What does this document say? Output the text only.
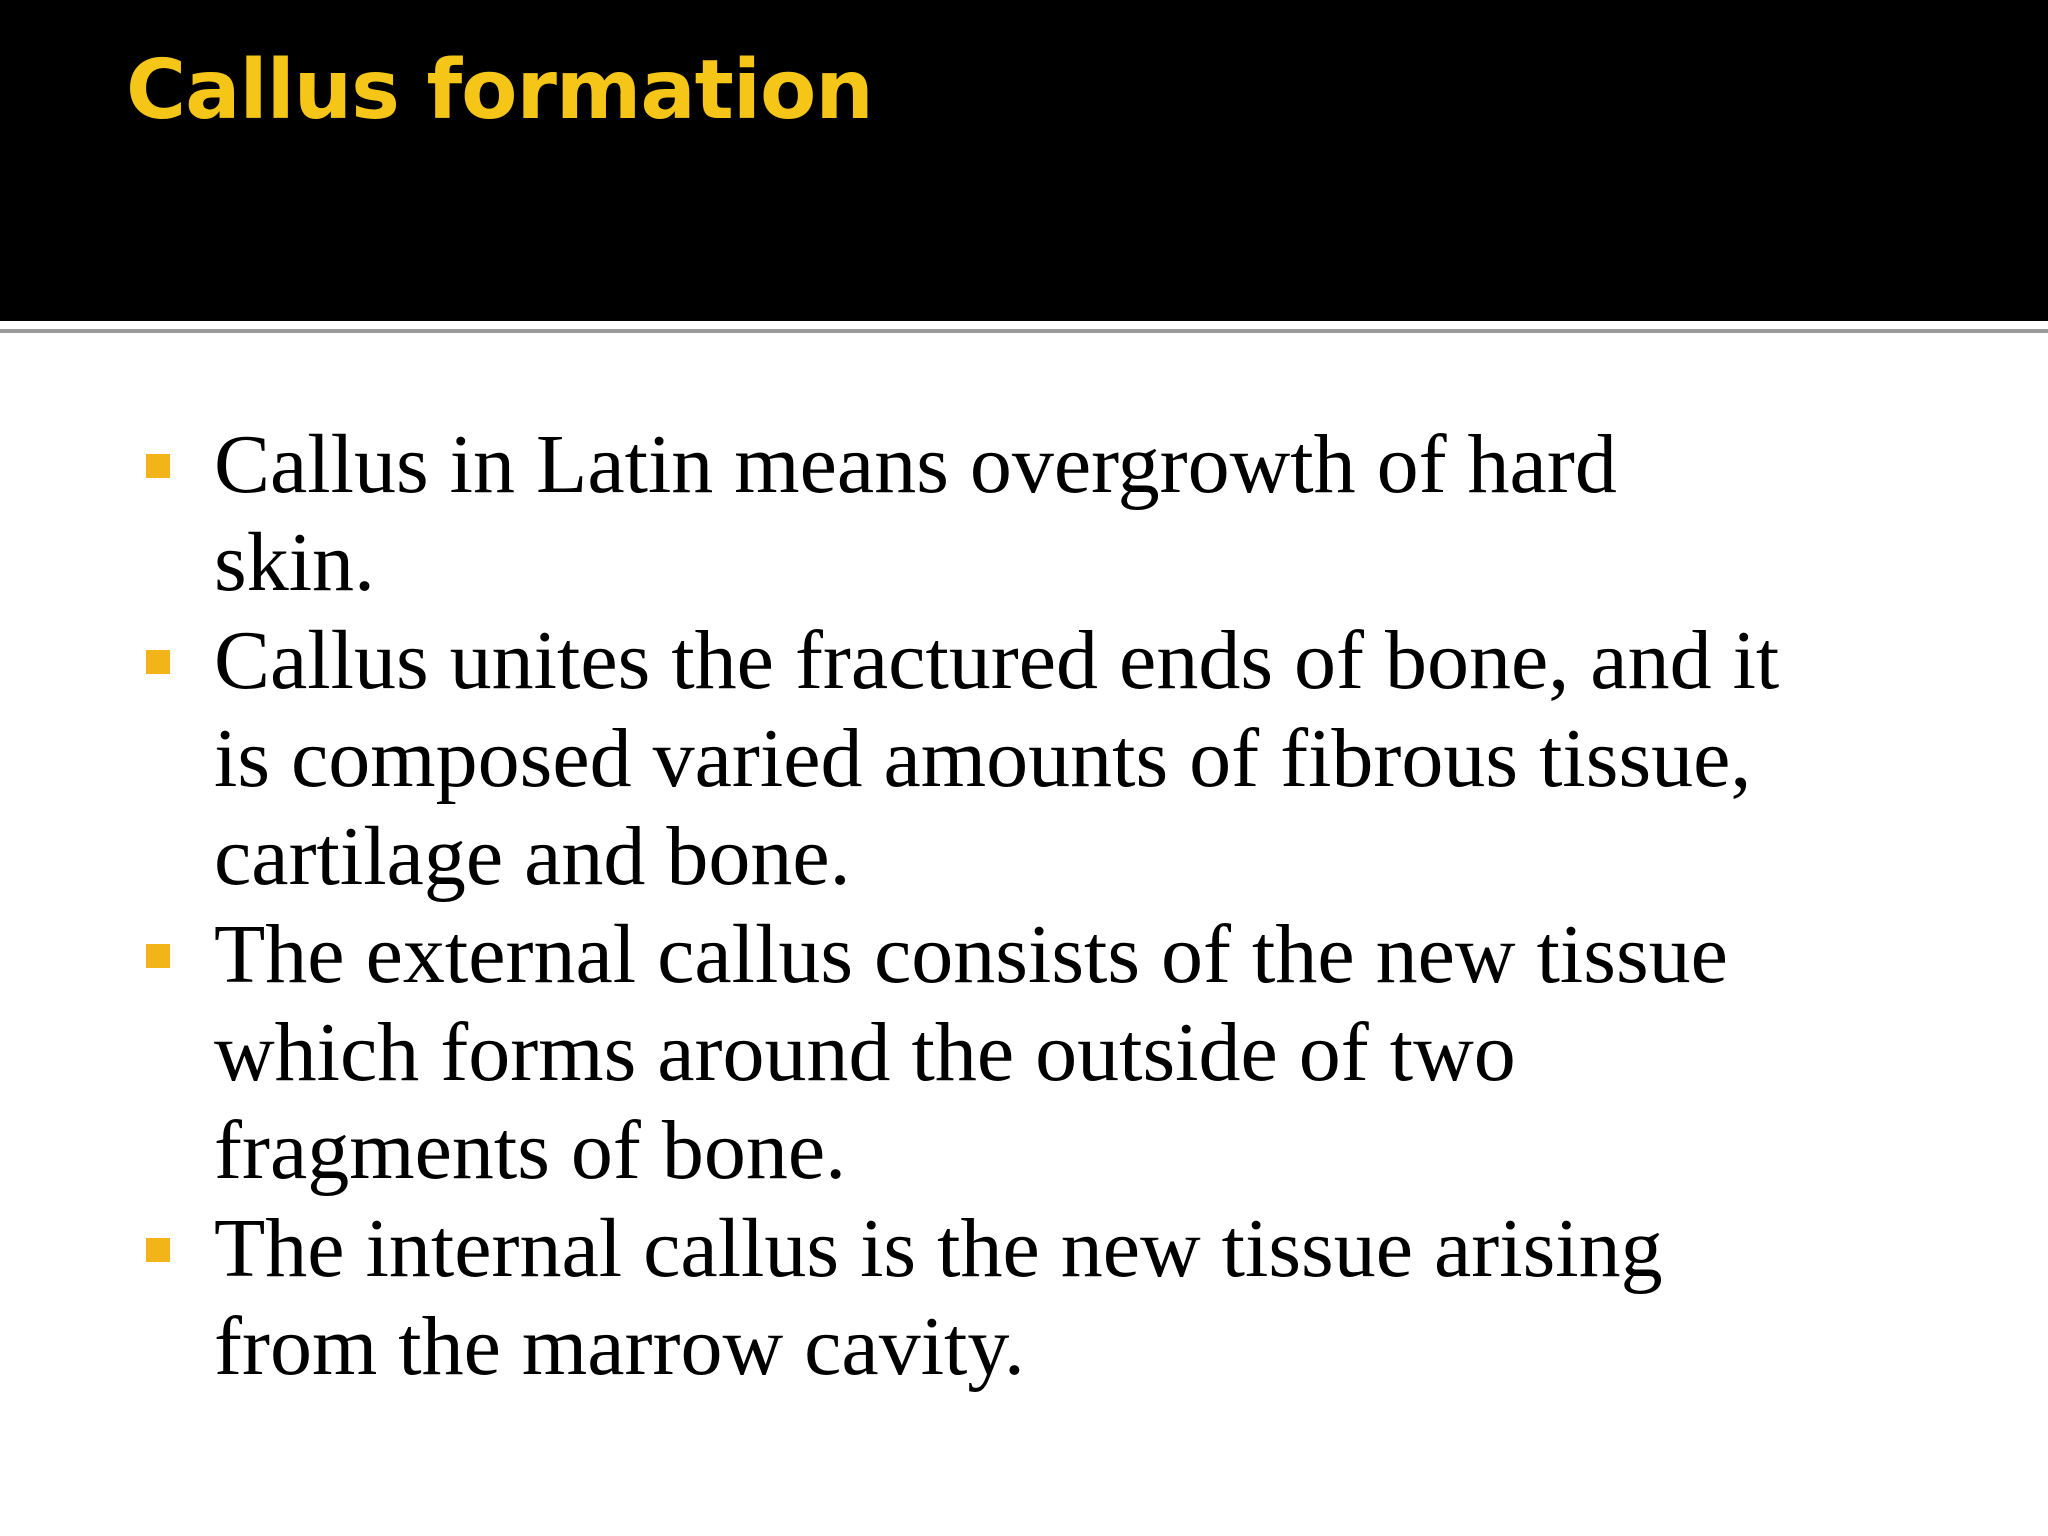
Callus formation
Callus in Latin means overgrowth of hard
skin.
Callus unites the fractured ends of bone, and it
is composed varied amounts of fibrous tissue,
cartilage and bone.
The external callus consists of the new tissue
which forms around the outside of two
fragments of bone.
The internal callus is the new tissue arising
from the marrow cavity.
